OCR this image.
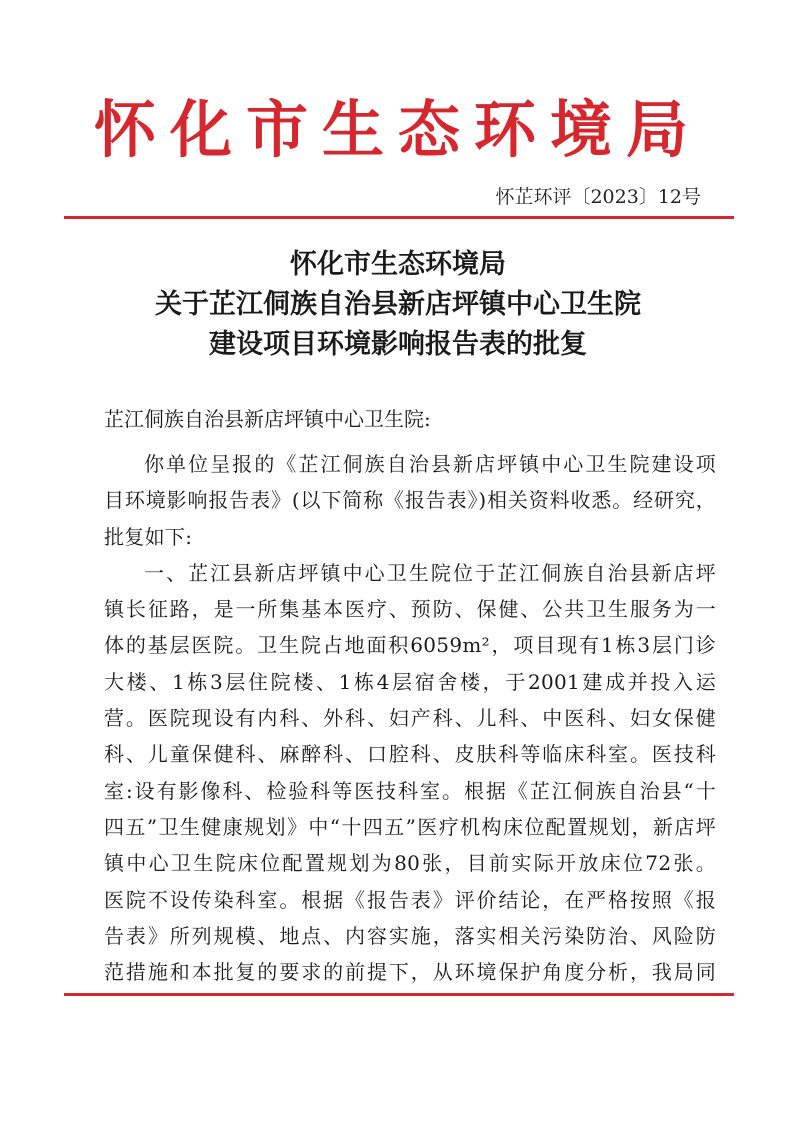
怀化市生态环境局
怀芷环评〔2023〕12号
怀化市生态环境局
关于芷江侗族自治县新店坪镇中心卫生院
建设项目环境影响报告表的批复
芷江侗族自治县新店坪镇中心卫生院:
你单位呈报的《芷江侗族自治县新店坪镇中心卫生院建设项
目环境影响报告表》(以下简称《报告表》)相关资料收悉。经研究，
批复如下:
一、芷江县新店坪镇中心卫生院位于芷江侗族自治县新店坪
镇长征路，是一所集基本医疗、预防、保健、公共卫生服务为一
体的基层医院。卫生院占地面积6059m²，项目现有1栋3层门诊
大楼、1栋3层住院楼、1栋4层宿舍楼，于2001建成并投入运
营。医院现设有内科、外科、妇产科、儿科、中医科、妇女保健
科、儿童保健科、麻醉科、口腔科、皮肤科等临床科室。医技科
室:设有影像科、检验科等医技科室。根据《芷江侗族自治县“十
四五”卫生健康规划》中“十四五”医疗机构床位配置规划，新店坪
镇中心卫生院床位配置规划为80张，目前实际开放床位72张。
医院不设传染科室。根据《报告表》评价结论，在严格按照《报
告表》所列规模、地点、内容实施，落实相关污染防治、风险防
范措施和本批复的要求的前提下，从环境保护角度分析，我局同
